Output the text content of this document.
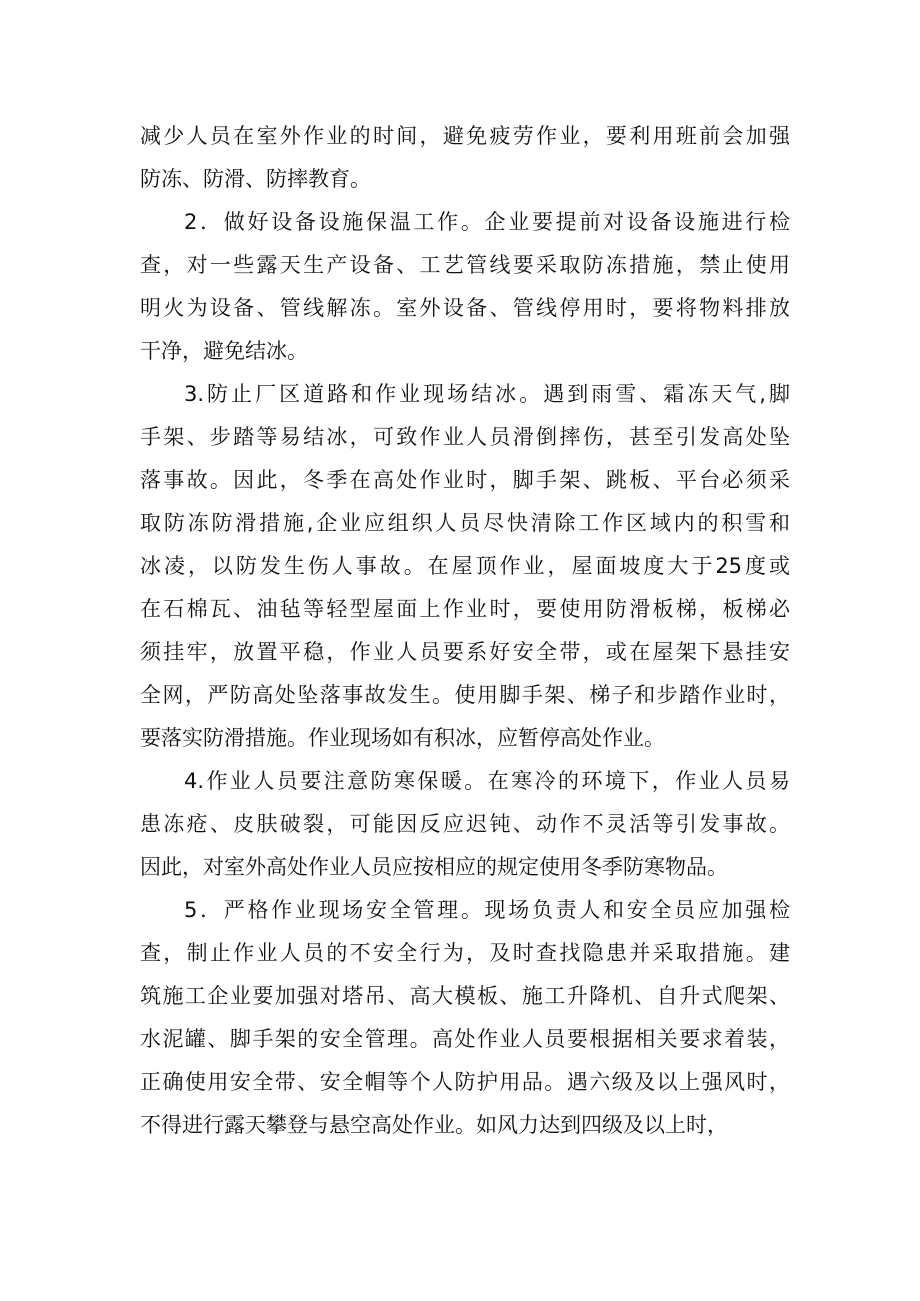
减少人员在室外作业的时间，避免疲劳作业，要利用班前会加强
防冻、防滑、防摔教育。
2．做好设备设施保温工作。企业要提前对设备设施进行检
查，对一些露天生产设备、工艺管线要采取防冻措施，禁止使用
明火为设备、管线解冻。室外设备、管线停用时，要将物料排放
干净，避免结冰。
3.防止厂区道路和作业现场结冰。遇到雨雪、霜冻天气,脚
手架、步踏等易结冰，可致作业人员滑倒摔伤，甚至引发高处坠
落事故。因此，冬季在高处作业时，脚手架、跳板、平台必须采
取防冻防滑措施,企业应组织人员尽快清除工作区域内的积雪和
冰凌，以防发生伤人事故。在屋顶作业，屋面坡度大于25度或
在石棉瓦、油毡等轻型屋面上作业时，要使用防滑板梯，板梯必
须挂牢，放置平稳，作业人员要系好安全带，或在屋架下悬挂安
全网，严防高处坠落事故发生。使用脚手架、梯子和步踏作业时，
要落实防滑措施。作业现场如有积冰，应暂停高处作业。
4.作业人员要注意防寒保暖。在寒冷的环境下，作业人员易
患冻疮、皮肤破裂，可能因反应迟钝、动作不灵活等引发事故。
因此，对室外高处作业人员应按相应的规定使用冬季防寒物品。
5．严格作业现场安全管理。现场负责人和安全员应加强检
查，制止作业人员的不安全行为，及时查找隐患并采取措施。建
筑施工企业要加强对塔吊、高大模板、施工升降机、自升式爬架、
水泥罐、脚手架的安全管理。高处作业人员要根据相关要求着装，
正确使用安全带、安全帽等个人防护用品。遇六级及以上强风时，
不得进行露天攀登与悬空高处作业。如风力达到四级及以上时，
